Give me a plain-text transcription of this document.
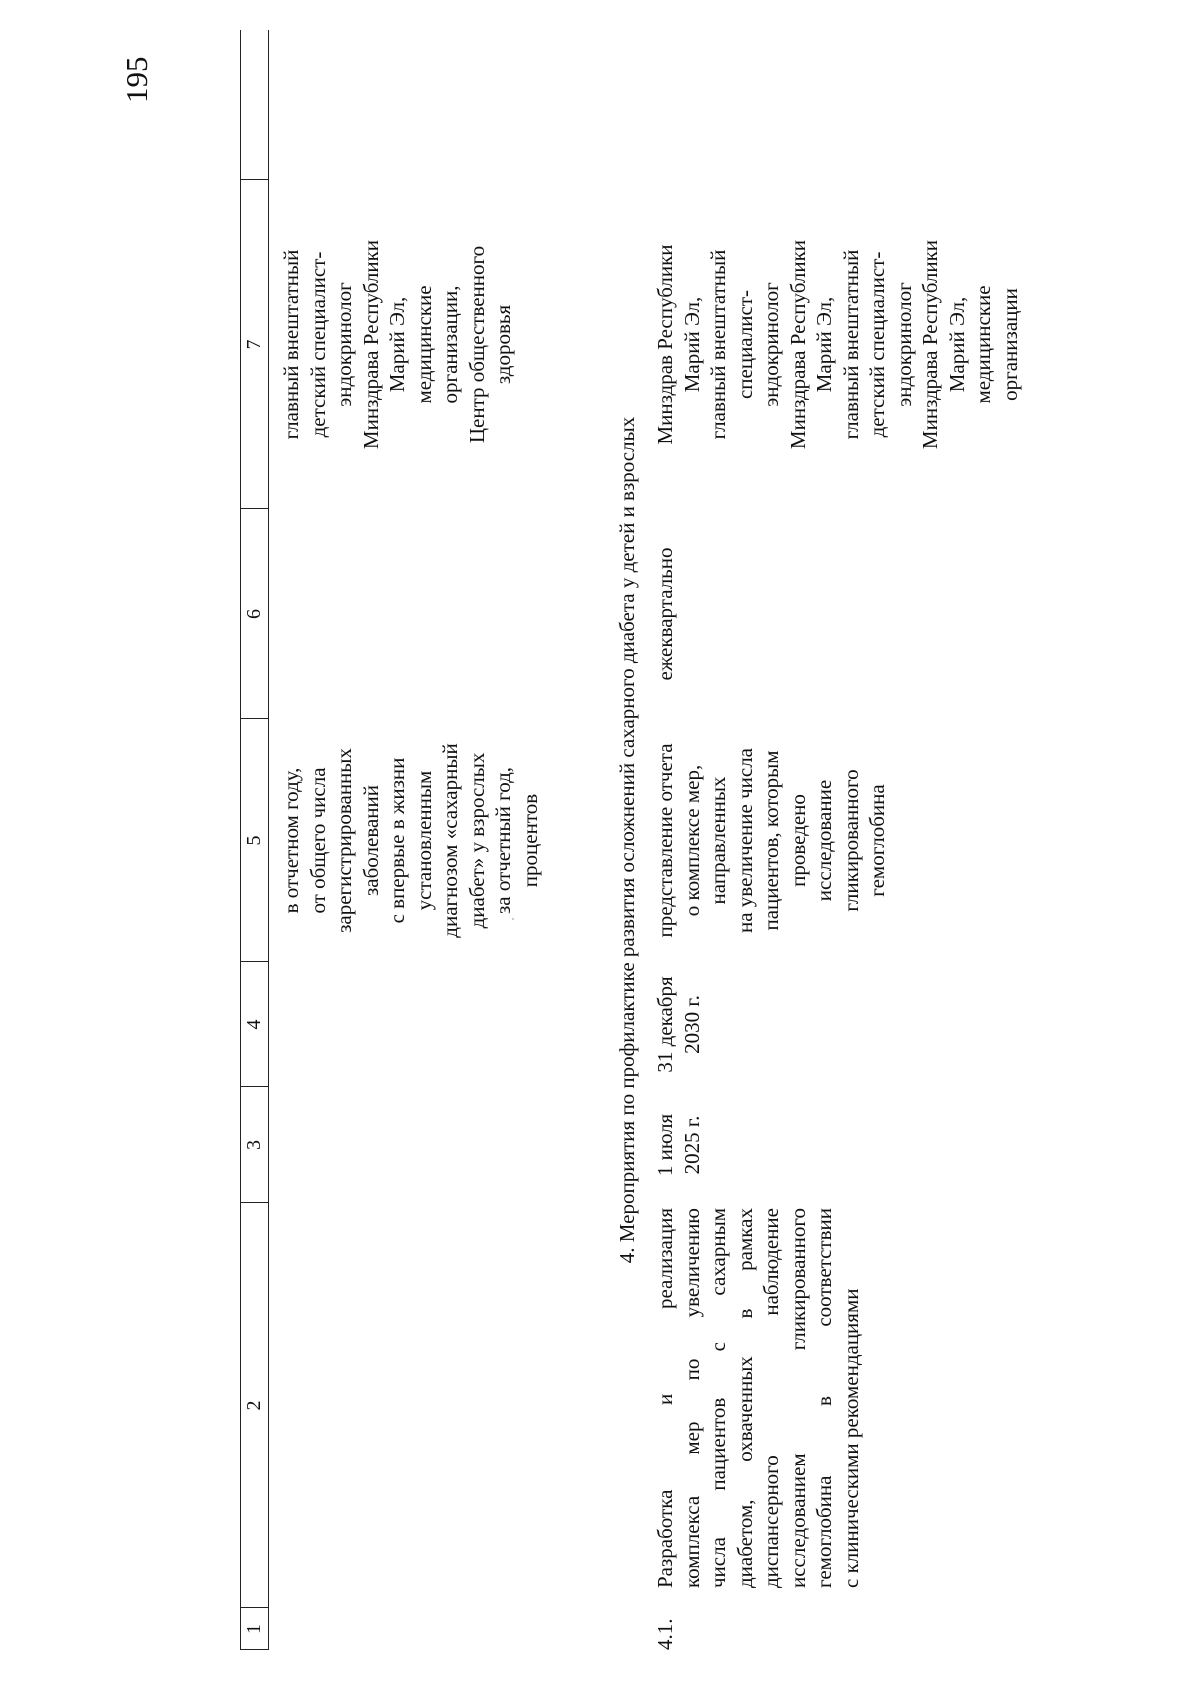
195
1
2
3
4
5
6
7
в отчетном году, от общего числа зарегистрированных заболеваний с впервые в жизни установленным диагнозом «сахарный диабет» у взрослых за отчетный год, процентов
главный внештатный детский специалист- эндокринолог Минздрава Республики Марий Эл, медицинские организации, Центр общественного здоровья
4. Мероприятия по профилактике развития осложнений сахарного диабета у детей и взрослых
4.1.
Разработка и реализация комплекса мер по увеличению числа пациентов с сахарным диабетом, охваченных в рамках диспансерного наблюдение исследованием гликированного гемоглобина в соответствии с клиническими рекомендациями
1 июля 2025 г.
31 декабря 2030 г.
представление отчета о комплексе мер, направленных на увеличение числа пациентов, которым проведено исследование гликированного гемоглобина
ежеквартально
Минздрав Республики Марий Эл, главный внештатный специалист- эндокринолог Минздрава Республики Марий Эл, главный внештатный детский специалист- эндокринолог Минздрава Республики Марий Эл, медицинские организации
